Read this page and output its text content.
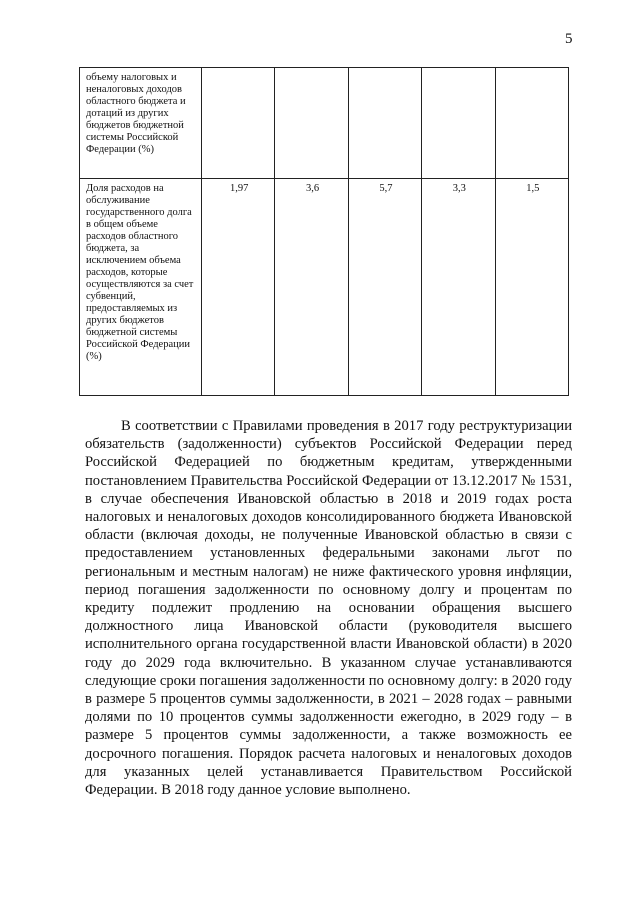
5
объему налоговых и неналоговых доходов областного бюджета и дотаций из других бюджетов бюджетной системы Российской Федерации (%)					
Доля расходов на обслуживание государственного долга в общем объеме расходов областного бюджета, за исключением объема расходов, которые осуществляются за счет субвенций, предоставляемых из других бюджетов бюджетной системы Российской Федерации (%)	1,97	3,6	5,7	3,3	1,5

В соответствии с Правилами проведения в 2017 году реструктуризации обязательств (задолженности) субъектов Российской Федерации перед Российской Федерацией по бюджетным кредитам, утвержденными постановлением Правительства Российской Федерации от 13.12.2017 № 1531, в случае обеспечения Ивановской областью в 2018 и 2019 годах роста налоговых и неналоговых доходов консолидированного бюджета Ивановской области (включая доходы, не полученные Ивановской областью в связи с предоставлением установленных федеральными законами льгот по региональным и местным налогам) не ниже фактического уровня инфляции, период погашения задолженности по основному долгу и процентам по кредиту подлежит продлению на основании обращения высшего должностного лица Ивановской области (руководителя высшего исполнительного органа государственной власти Ивановской области) в 2020 году до 2029 года включительно. В указанном случае устанавливаются следующие сроки погашения задолженности по основному долгу: в 2020 году в размере 5 процентов суммы задолженности, в 2021 – 2028 годах – равными долями по 10 процентов суммы задолженности ежегодно, в 2029 году – в размере 5 процентов суммы задолженности, а также возможность ее досрочного погашения. Порядок расчета налоговых и неналоговых доходов для указанных целей устанавливается Правительством Российской Федерации. В 2018 году данное условие выполнено.
